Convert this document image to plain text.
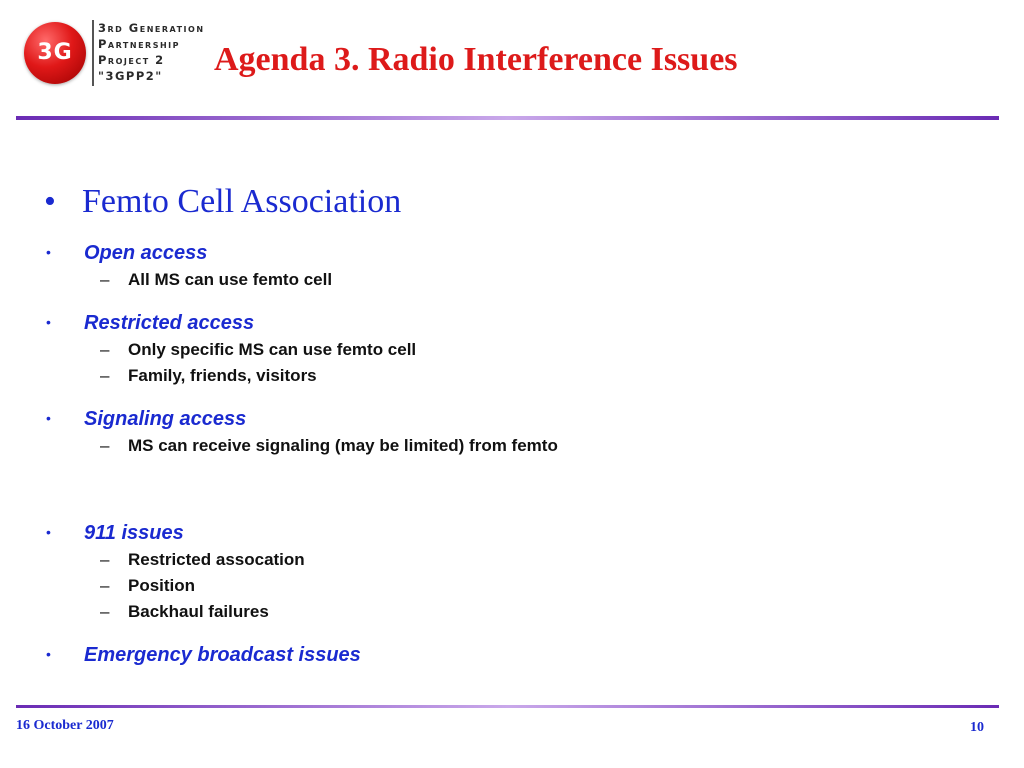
3G
3rd Generation
Partnership
Project 2
"3GPP2"	Agenda 3. Radio Interference Issues
• Femto Cell Association
• Open access
– All MS can use femto cell
• Restricted access
– Only specific MS can use femto cell
– Family, friends, visitors
• Signaling access
– MS can receive signaling (may be limited) from femto
• 911 issues
– Restricted assocation
– Position
– Backhaul failures
• Emergency broadcast issues
16 October 2007	10
